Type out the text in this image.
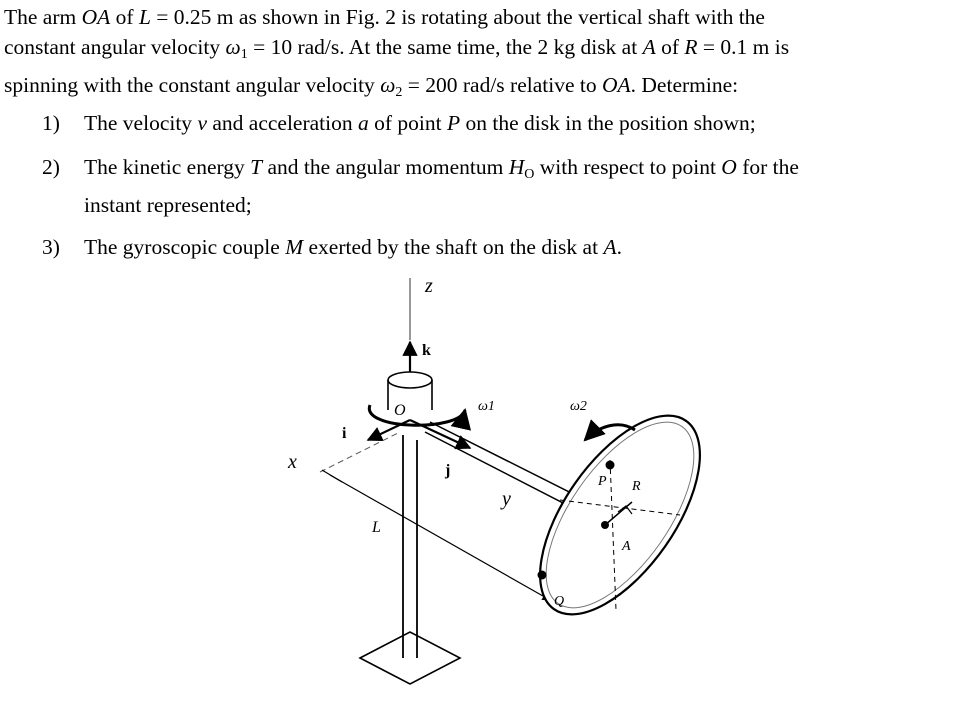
The arm OA of L = 0.25 m as shown in Fig. 2 is rotating about the vertical shaft with the
constant angular velocity $\omega_1 = 10$ rad/s. At the same time, the 2 kg disk at A of R = 0.1 m is
spinning with the constant angular velocity $\omega_2 = 200$ rad/s relative to OA. Determine:

1) The velocity v and acceleration a of point P on the disk in the position shown;
2) The kinetic energy T and the angular momentum $H_O$ with respect to point O for the
instant represented;
3) The gyroscopic couple M exerted by the shaft on the disk at A.
z
k
O	ω1	ω2
i
x	j
y
L
P R
A
Q
